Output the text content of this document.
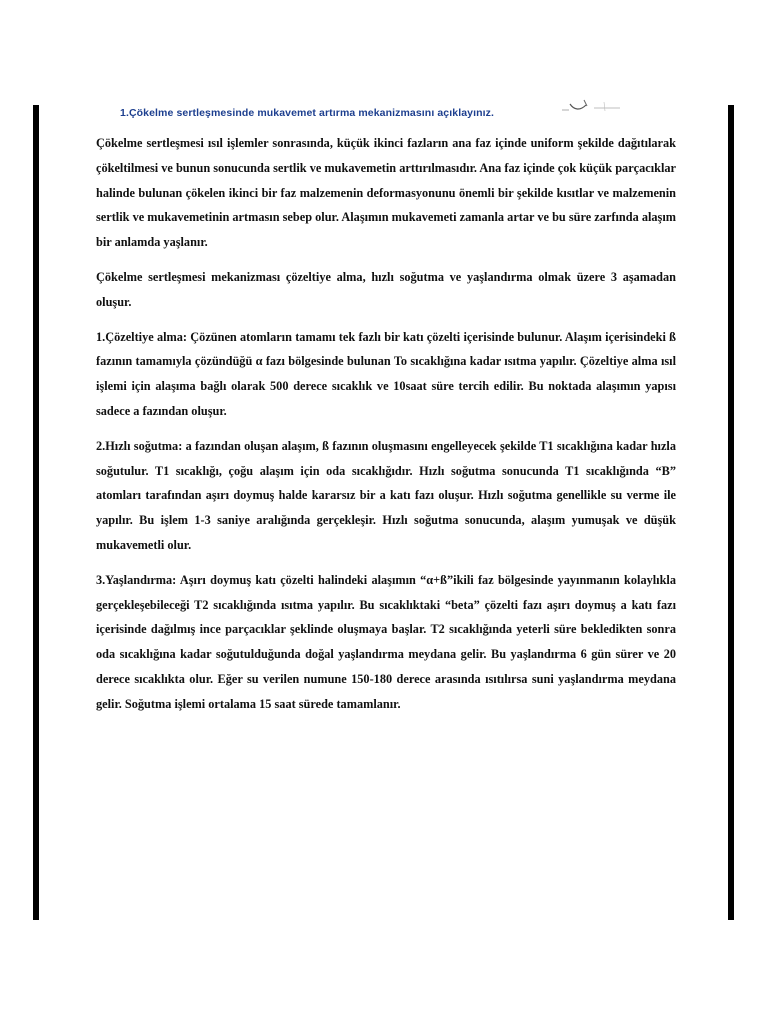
1.Çökelme sertleşmesinde mukavemet artırma mekanizmasını açıklayınız.

Çökelme sertleşmesi ısıl işlemler sonrasında, küçük ikinci fazların ana faz içinde uniform şekilde dağıtılarak çökeltilmesi ve bunun sonucunda sertlik ve mukavemetin arttırılmasıdır. Ana faz içinde çok küçük parçacıklar halinde bulunan çökelen ikinci bir faz malzemenin deformasyonunu önemli bir şekilde kısıtlar ve malzemenin sertlik ve mukavemetinin artmasın sebep olur. Alaşımın mukavemeti zamanla artar ve bu süre zarfında alaşım bir anlamda yaşlanır.

Çökelme sertleşmesi mekanizması çözeltiye alma, hızlı soğutma ve yaşlandırma olmak üzere 3 aşamadan oluşur.

1.Çözeltiye alma: Çözünen atomların tamamı tek fazlı bir katı çözelti içerisinde bulunur. Alaşım içerisindeki ß fazının tamamıyla çözündüğü α fazı bölgesinde bulunan To sıcaklığına kadar ısıtma yapılır. Çözeltiye alma ısıl işlemi için alaşıma bağlı olarak 500 derece sıcaklık ve 10saat süre tercih edilir. Bu noktada alaşımın yapısı sadece a fazından oluşur.

2.Hızlı soğutma: a fazından oluşan alaşım, ß fazının oluşmasını engelleyecek şekilde T1 sıcaklığına kadar hızla soğutulur. T1 sıcaklığı, çoğu alaşım için oda sıcaklığıdır. Hızlı soğutma sonucunda T1 sıcaklığında “B” atomları tarafından aşırı doymuş halde kararsız bir a katı fazı oluşur. Hızlı soğutma genellikle su verme ile yapılır. Bu işlem 1-3 saniye aralığında gerçekleşir. Hızlı soğutma sonucunda, alaşım yumuşak ve düşük mukavemetli olur.

3.Yaşlandırma: Aşırı doymuş katı çözelti halindeki alaşımın “α+ß”ikili faz bölgesinde yayınmanın kolaylıkla gerçekleşebileceği T2 sıcaklığında ısıtma yapılır. Bu sıcaklıktaki “beta” çözelti fazı aşırı doymuş a katı fazı içerisinde dağılmış ince parçacıklar şeklinde oluşmaya başlar. T2 sıcaklığında yeterli süre bekledikten sonra oda sıcaklığına kadar soğutulduğunda doğal yaşlandırma meydana gelir. Bu yaşlandırma 6 gün sürer ve 20 derece sıcaklıkta olur. Eğer su verilen numune 150-180 derece arasında ısıtılırsa suni yaşlandırma meydana gelir. Soğutma işlemi ortalama 15 saat sürede tamamlanır.
